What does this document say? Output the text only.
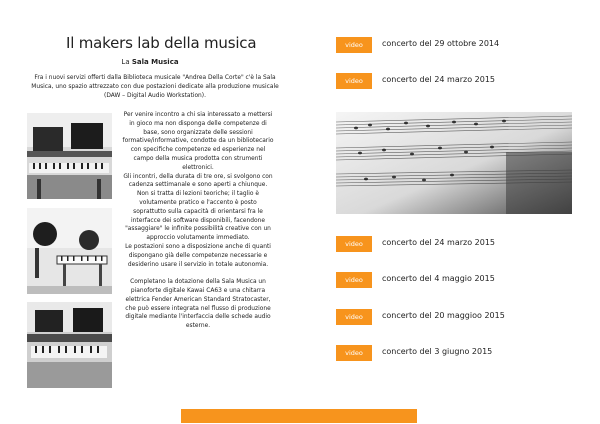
Il makers lab della musica
La Sala Musica
Fra i nuovi servizi offerti dalla Biblioteca musicale "Andrea Della Corte" c'è la Sala Musica, uno spazio attrezzato con due postazioni dedicate alla produzione musicale (DAW – Digital Audio Workstation).

Per venire incontro a chi sia interessato a mettersi in gioco ma non disponga delle competenze di base, sono organizzate delle sessioni formative/informative, condotte da un bibliotecario con specifiche competenze ed esperienze nel campo della musica prodotta con strumenti elettronici.

Gli incontri, della durata di tre ore, si svolgono con cadenza settimanale e sono aperti a chiunque. Non si tratta di lezioni teoriche; il taglio è volutamente pratico e l'accento è posto soprattutto sulla capacità di orientarsi fra le interfacce dei software disponibili, facendone "assaggiare" le infinite possibilità creative con un approccio volutamente immediato.

Le postazioni sono a disposizione anche di quanti dispongano già delle competenze necessarie e desiderino usare il servizio in totale autonomia.

Completano la dotazione della Sala Musica un pianoforte digitale Kawai CA63 e una chitarra elettrica Fender American Standard Stratocaster, che può essere integrata nel flusso di produzione digitale mediante l'interfaccia delle schede audio esterne.

video	concerto del 29 ottobre 2014
video	concerto del 24 marzo 2015
video	concerto del 24 marzo 2015
video	concerto del 4 maggio 2015
video	concerto del 20 maggioo 2015
video	concerto del 3 giugno 2015
